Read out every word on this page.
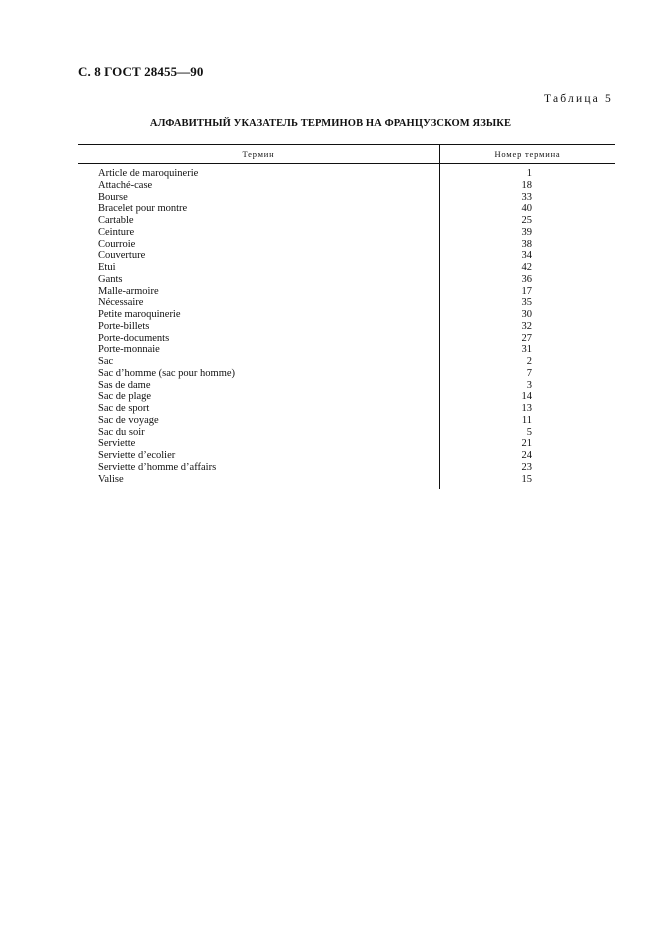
С. 8 ГОСТ 28455—90
Таблица 5
АЛФАВИТНЫЙ УКАЗАТЕЛЬ ТЕРМИНОВ НА ФРАНЦУЗСКОМ ЯЗЫКЕ
Термин	Номер термина
Article de maroquinerie	1
Attaché-case	18
Bourse	33
Bracelet pour montre	40
Cartable	25
Ceinture	39
Courroie	38
Couverture	34
Etui	42
Gants	36
Malle-armoire	17
Nécessaire	35
Petite maroquinerie	30
Porte-billets	32
Porte-documents	27
Porte-monnaie	31
Sac	2
Sac d’homme (sac pour homme)	7
Sas de dame	3
Sac de plage	14
Sac de sport	13
Sac de voyage	11
Sac du soir	5
Serviette	21
Serviette d’ecolier	24
Serviette d’homme d’affairs	23
Valise	15
